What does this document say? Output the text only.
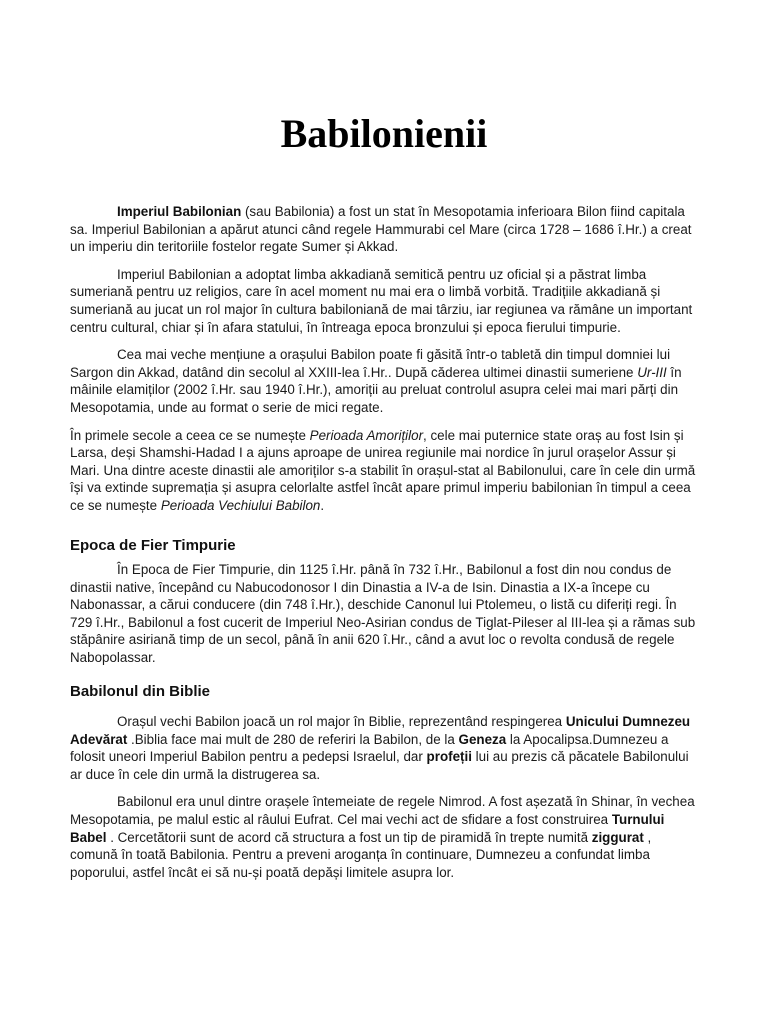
Babilonienii

Imperiul Babilonian (sau Babilonia) a fost un stat în Mesopotamia inferioara Bilon fiind capitala sa. Imperiul Babilonian a apărut atunci când regele Hammurabi cel Mare (circa 1728 – 1686 î.Hr.) a creat un imperiu din teritoriile fostelor regate Sumer și Akkad.

Imperiul Babilonian a adoptat limba akkadiană semitică pentru uz oficial și a păstrat limba sumeriană pentru uz religios, care în acel moment nu mai era o limbă vorbită. Tradițiile akkadiană și sumeriană au jucat un rol major în cultura babiloniană de mai târziu, iar regiunea va rămâne un important centru cultural, chiar și în afara statului, în întreaga epoca bronzului și epoca fierului timpurie.

Cea mai veche mențiune a orașului Babilon poate fi găsită într-o tabletă din timpul domniei lui Sargon din Akkad, datând din secolul al XXIII-lea î.Hr.. După căderea ultimei dinastii sumeriene Ur-III în mâinile elamiților (2002 î.Hr. sau 1940 î.Hr.), amoriții au preluat controlul asupra celei mai mari părți din Mesopotamia, unde au format o serie de mici regate.

În primele secole a ceea ce se numește Perioada Amoriților, cele mai puternice state oraș au fost Isin și Larsa, deși Shamshi-Hadad I a ajuns aproape de unirea regiunile mai nordice în jurul orașelor Assur și Mari. Una dintre aceste dinastii ale amoriților s-a stabilit în orașul-stat al Babilonului, care în cele din urmă își va extinde supremația și asupra celorlalte astfel încât apare primul imperiu babilonian în timpul a ceea ce se numește Perioada Vechiului Babilon.

Epoca de Fier Timpurie

În Epoca de Fier Timpurie, din 1125 î.Hr. până în 732 î.Hr., Babilonul a fost din nou condus de dinastii native, începând cu Nabucodonosor I din Dinastia a IV-a de Isin. Dinastia a IX-a începe cu Nabonassar, a cărui conducere (din 748 î.Hr.), deschide Canonul lui Ptolemeu, o listă cu diferiți regi. În 729 î.Hr., Babilonul a fost cucerit de Imperiul Neo-Asirian condus de Tiglat-Pileser al III-lea și a rămas sub stăpânire asiriană timp de un secol, până în anii 620 î.Hr., când a avut loc o revolta condusă de regele Nabopolassar.

Babilonul din Biblie

Orașul vechi Babilon joacă un rol major în Biblie, reprezentând respingerea Unicului Dumnezeu Adevărat .Biblia face mai mult de 280 de referiri la Babilon, de la Geneza la Apocalipsa.Dumnezeu a folosit uneori Imperiul Babilon pentru a pedepsi Israelul, dar profeții lui au prezis că păcatele Babilonului ar duce în cele din urmă la distrugerea sa.

Babilonul era unul dintre orașele întemeiate de regele Nimrod. A fost așezată în Shinar, în vechea Mesopotamia, pe malul estic al râului Eufrat. Cel mai vechi act de sfidare a fost construirea Turnului Babel . Cercetătorii sunt de acord că structura a fost un tip de piramidă în trepte numită ziggurat , comună în toată Babilonia. Pentru a preveni aroganța în continuare, Dumnezeu a confundat limba poporului, astfel încât ei să nu-și poată depăși limitele asupra lor.
